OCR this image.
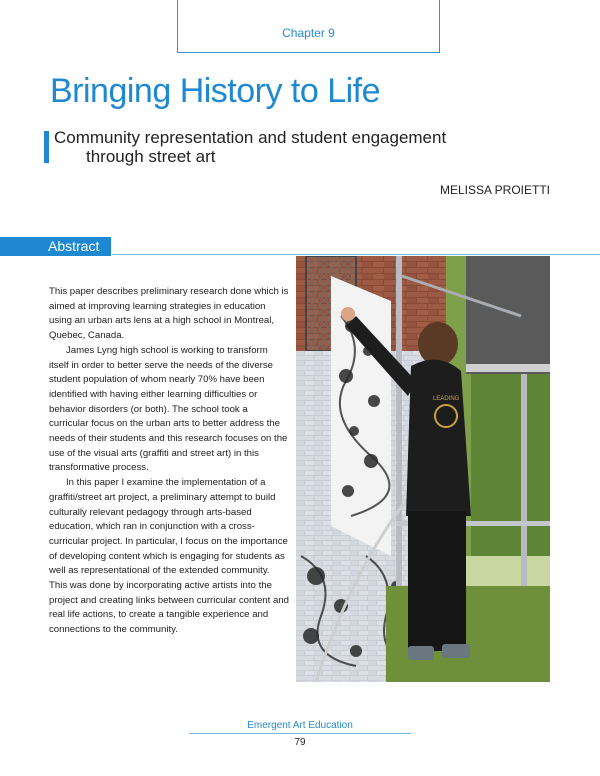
Chapter 9
Bringing History to Life
Community representation and student engagement
through street art
MELISSA PROIETTI
Abstract

This paper describes preliminary research done which is aimed at improving learning strategies in education using an urban arts lens at a high school in Montreal, Quebec, Canada.

James Lyng high school is working to transform itself in order to better serve the needs of the diverse student population of whom nearly 70% have been identified with having either learning difficulties or behavior disorders (or both). The school took a curricular focus on the urban arts to better address the needs of their students and this research focuses on the use of the visual arts (graffiti and street art) in this transformative process.

In this paper I examine the implementation of a graffiti/street art project, a preliminary attempt to build culturally relevant pedagogy through arts-based education, which ran in conjunction with a cross-curricular project. In particular, I focus on the importance of developing content which is engaging for students as well as representational of the extended community. This was done by incorporating active artists into the project and creating links between curricular content and real life actions, to create a tangible experience and connections to the community.

LEADING
Emergent Art Education
79
